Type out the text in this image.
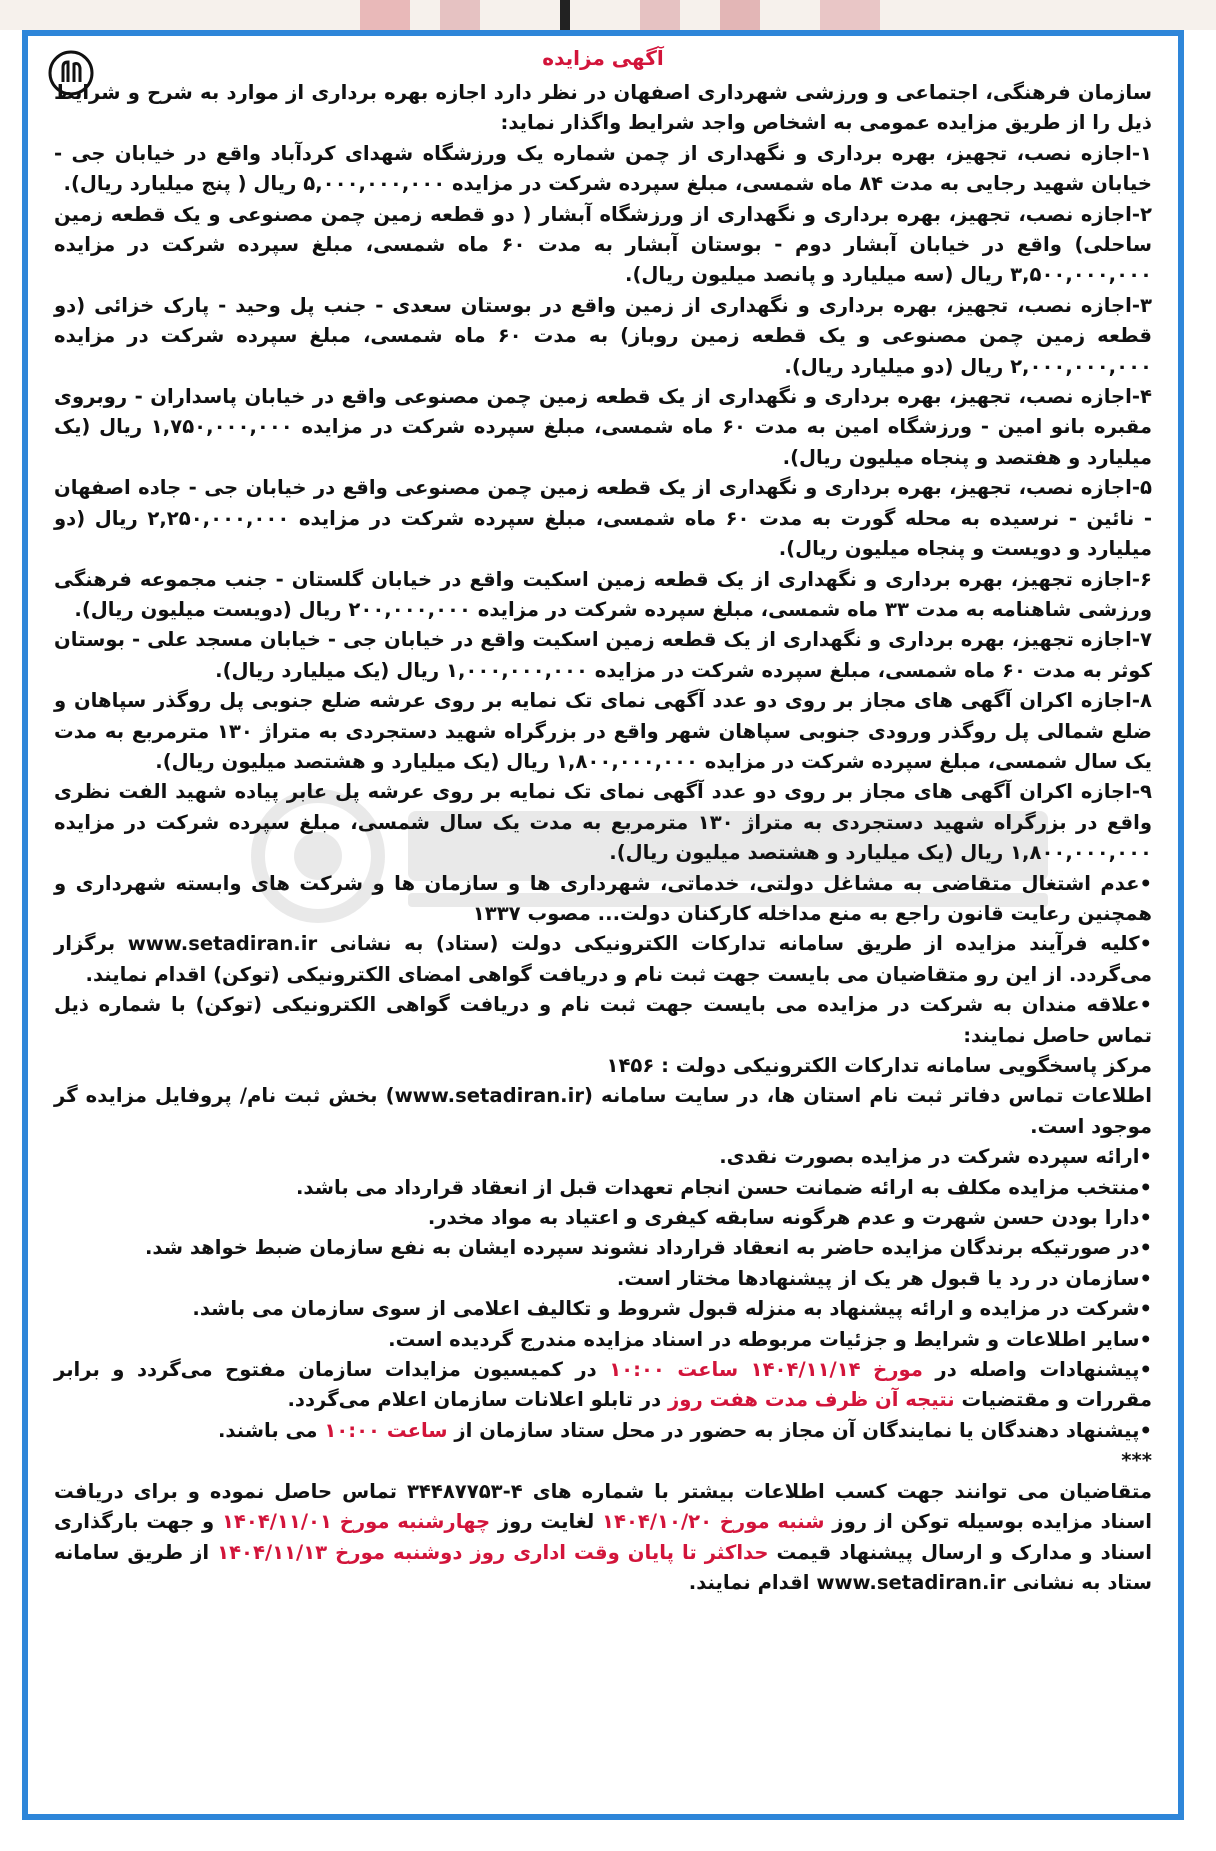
آگهی مزایده

سازمان فرهنگی، اجتماعی و ورزشی شهرداری اصفهان در نظر دارد اجازه بهره برداری از موارد به شرح و شرایط ذیل را از طریق مزایده عمومی به اشخاص واجد شرایط واگذار نماید:

۱-اجازه نصب، تجهیز، بهره برداری و نگهداری از چمن شماره یک ورزشگاه شهدای کردآباد واقع در خیابان جی - خیابان شهید رجایی به مدت ۸۴ ماه شمسی، مبلغ سپرده شرکت در مزایده ۵,۰۰۰,۰۰۰,۰۰۰ ریال ( پنج میلیارد ریال).

۲-اجازه نصب، تجهیز، بهره برداری و نگهداری از ورزشگاه آبشار ( دو قطعه زمین چمن مصنوعی و یک قطعه زمین ساحلی) واقع در خیابان آبشار دوم - بوستان آبشار به مدت ۶۰ ماه شمسی، مبلغ سپرده شرکت در مزایده ۳,۵۰۰,۰۰۰,۰۰۰ ریال (سه میلیارد و پانصد میلیون ریال).

۳-اجازه نصب، تجهیز، بهره برداری و نگهداری از زمین واقع در بوستان سعدی - جنب پل وحید - پارک خزائی (دو قطعه زمین چمن مصنوعی و یک قطعه زمین روباز) به مدت ۶۰ ماه شمسی، مبلغ سپرده شرکت در مزایده ۲,۰۰۰,۰۰۰,۰۰۰ ریال (دو میلیارد ریال).

۴-اجازه نصب، تجهیز، بهره برداری و نگهداری از یک قطعه زمین چمن مصنوعی واقع در خیابان پاسداران - روبروی مقبره بانو امین - ورزشگاه امین به مدت ۶۰ ماه شمسی، مبلغ سپرده شرکت در مزایده ۱,۷۵۰,۰۰۰,۰۰۰ ریال (یک میلیارد و هفتصد و پنجاه میلیون ریال).

۵-اجازه نصب، تجهیز، بهره برداری و نگهداری از یک قطعه زمین چمن مصنوعی واقع در خیابان جی - جاده اصفهان - نائین - نرسیده به محله گورت به مدت ۶۰ ماه شمسی، مبلغ سپرده شرکت در مزایده ۲,۲۵۰,۰۰۰,۰۰۰ ریال (دو میلیارد و دویست و پنجاه میلیون ریال).

۶-اجازه تجهیز، بهره برداری و نگهداری از یک قطعه زمین اسکیت واقع در خیابان گلستان - جنب مجموعه فرهنگی ورزشی شاهنامه به مدت ۳۳ ماه شمسی، مبلغ سپرده شرکت در مزایده ۲۰۰,۰۰۰,۰۰۰ ریال (دویست میلیون ریال).

۷-اجازه تجهیز، بهره برداری و نگهداری از یک قطعه زمین اسکیت واقع در خیابان جی - خیابان مسجد علی - بوستان کوثر به مدت ۶۰ ماه شمسی، مبلغ سپرده شرکت در مزایده ۱,۰۰۰,۰۰۰,۰۰۰ ریال (یک میلیارد ریال).

۸-اجازه اکران آگهی های مجاز بر روی دو عدد آگهی نمای تک نمایه بر روی عرشه ضلع جنوبی پل روگذر سپاهان و ضلع شمالی پل روگذر ورودی جنوبی سپاهان شهر واقع در بزرگراه شهید دستجردی به متراژ ۱۳۰ مترمربع به مدت یک سال شمسی، مبلغ سپرده شرکت در مزایده ۱,۸۰۰,۰۰۰,۰۰۰ ریال (یک میلیارد و هشتصد میلیون ریال).

۹-اجازه اکران آگهی های مجاز بر روی دو عدد آگهی نمای تک نمایه بر روی عرشه پل عابر پیاده شهید الفت نظری واقع در بزرگراه شهید دستجردی به متراژ ۱۳۰ مترمربع به مدت یک سال شمسی، مبلغ سپرده شرکت در مزایده ۱,۸۰۰,۰۰۰,۰۰۰ ریال (یک میلیارد و هشتصد میلیون ریال).

•عدم اشتغال متقاضی به مشاغل دولتی، خدماتی، شهرداری ها و سازمان ها و شرکت های وابسته شهرداری و همچنین رعایت قانون راجع به منع مداخله کارکنان دولت... مصوب ۱۳۳۷

•کلیه فرآیند مزایده از طریق سامانه تدارکات الکترونیکی دولت (ستاد) به نشانی www.setadiran.ir برگزار می‌گردد. از این رو متقاضیان می بایست جهت ثبت نام و دریافت گواهی امضای الکترونیکی (توکن) اقدام نمایند.

•علاقه مندان به شرکت در مزایده می بایست جهت ثبت نام و دریافت گواهی الکترونیکی (توکن) با شماره ذیل تماس حاصل نمایند:

مرکز پاسخگویی سامانه تدارکات الکترونیکی دولت : ۱۴۵۶

اطلاعات تماس دفاتر ثبت نام استان ها، در سایت سامانه (www.setadiran.ir) بخش ثبت نام/ پروفایل مزایده گر موجود است.

•ارائه سپرده شرکت در مزایده بصورت نقدی.

•منتخب مزایده مکلف به ارائه ضمانت حسن انجام تعهدات قبل از انعقاد قرارداد می باشد.

•دارا بودن حسن شهرت و عدم هرگونه سابقه کیفری و اعتیاد به مواد مخدر.

•در صورتیکه برندگان مزایده حاضر به انعقاد قرارداد نشوند سپرده ایشان به نفع سازمان ضبط خواهد شد.

•سازمان در رد یا قبول هر یک از پیشنهادها مختار است.

•شرکت در مزایده و ارائه پیشنهاد به منزله قبول شروط و تکالیف اعلامی از سوی سازمان می باشد.

•سایر اطلاعات و شرایط و جزئیات مربوطه در اسناد مزایده مندرج گردیده است.

•پیشنهادات واصله در مورخ ۱۴۰۴/۱۱/۱۴ ساعت ۱۰:۰۰ در کمیسیون مزایدات سازمان مفتوح می‌گردد و برابر مقررات و مقتضیات نتیجه آن ظرف مدت هفت روز در تابلو اعلانات سازمان اعلام می‌گردد.

•پیشنهاد دهندگان یا نمایندگان آن مجاز به حضور در محل ستاد سازمان از ساعت ۱۰:۰۰ می باشند.

***

متقاضیان می توانند جهت کسب اطلاعات بیشتر با شماره های ۴-۳۴۴۸۷۷۵۳ تماس حاصل نموده و برای دریافت اسناد مزایده بوسیله توکن از روز شنبه مورخ ۱۴۰۴/۱۰/۲۰ لغایت روز چهارشنبه مورخ ۱۴۰۴/۱۱/۰۱ و جهت بارگذاری اسناد و مدارک و ارسال پیشنهاد قیمت حداکثر تا پایان وقت اداری روز دوشنبه مورخ ۱۴۰۴/۱۱/۱۳ از طریق سامانه ستاد به نشانی www.setadiran.ir اقدام نمایند.
